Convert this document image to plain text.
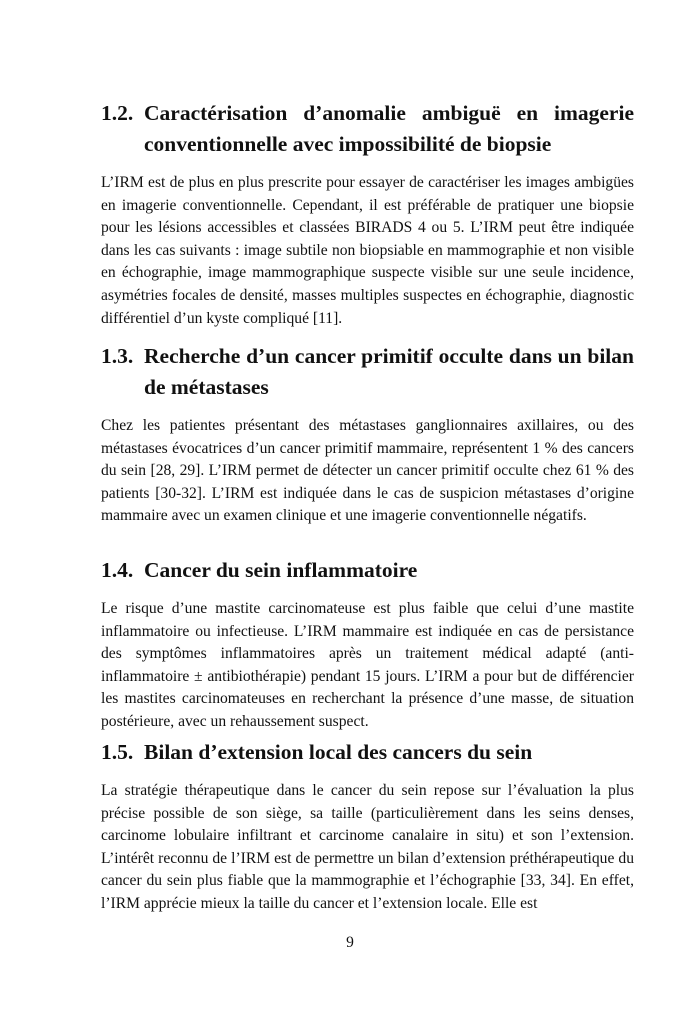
1.2. Caractérisation d’anomalie ambiguë en imagerie conventionnelle avec impossibilité de biopsie

L’IRM est de plus en plus prescrite pour essayer de caractériser les images ambigües en imagerie conventionnelle. Cependant, il est préférable de pratiquer une biopsie pour les lésions accessibles et classées BIRADS 4 ou 5. L’IRM peut être indiquée dans les cas suivants : image subtile non biopsiable en mammographie et non visible en échographie, image mammographique suspecte visible sur une seule incidence, asymétries focales de densité, masses multiples suspectes en échographie, diagnostic différentiel d’un kyste compliqué [11].

1.3. Recherche d’un cancer primitif occulte dans un bilan de métastases

Chez les patientes présentant des métastases ganglionnaires axillaires, ou des métastases évocatrices d’un cancer primitif mammaire, représentent 1 % des cancers du sein [28, 29]. L’IRM permet de détecter un cancer primitif occulte chez 61 % des patients [30-32]. L’IRM est indiquée dans le cas de suspicion métastases d’origine mammaire avec un examen clinique et une imagerie conventionnelle négatifs.

1.4. Cancer du sein inflammatoire

Le risque d’une mastite carcinomateuse est plus faible que celui d’une mastite inflammatoire ou infectieuse. L’IRM mammaire est indiquée en cas de persistance des symptômes inflammatoires après un traitement médical adapté (anti-inflammatoire ± antibiothérapie) pendant 15 jours. L’IRM a pour but de différencier les mastites carcinomateuses en recherchant la présence d’une masse, de situation postérieure, avec un rehaussement suspect.

1.5. Bilan d’extension local des cancers du sein

La stratégie thérapeutique dans le cancer du sein repose sur l’évaluation la plus précise possible de son siège, sa taille (particulièrement dans les seins denses, carcinome lobulaire infiltrant et carcinome canalaire in situ) et son l’extension. L’intérêt reconnu de l’IRM est de permettre un bilan d’extension préthérapeutique du cancer du sein plus fiable que la mammographie et l’échographie [33, 34]. En effet, l’IRM apprécie mieux la taille du cancer et l’extension locale. Elle est

9
